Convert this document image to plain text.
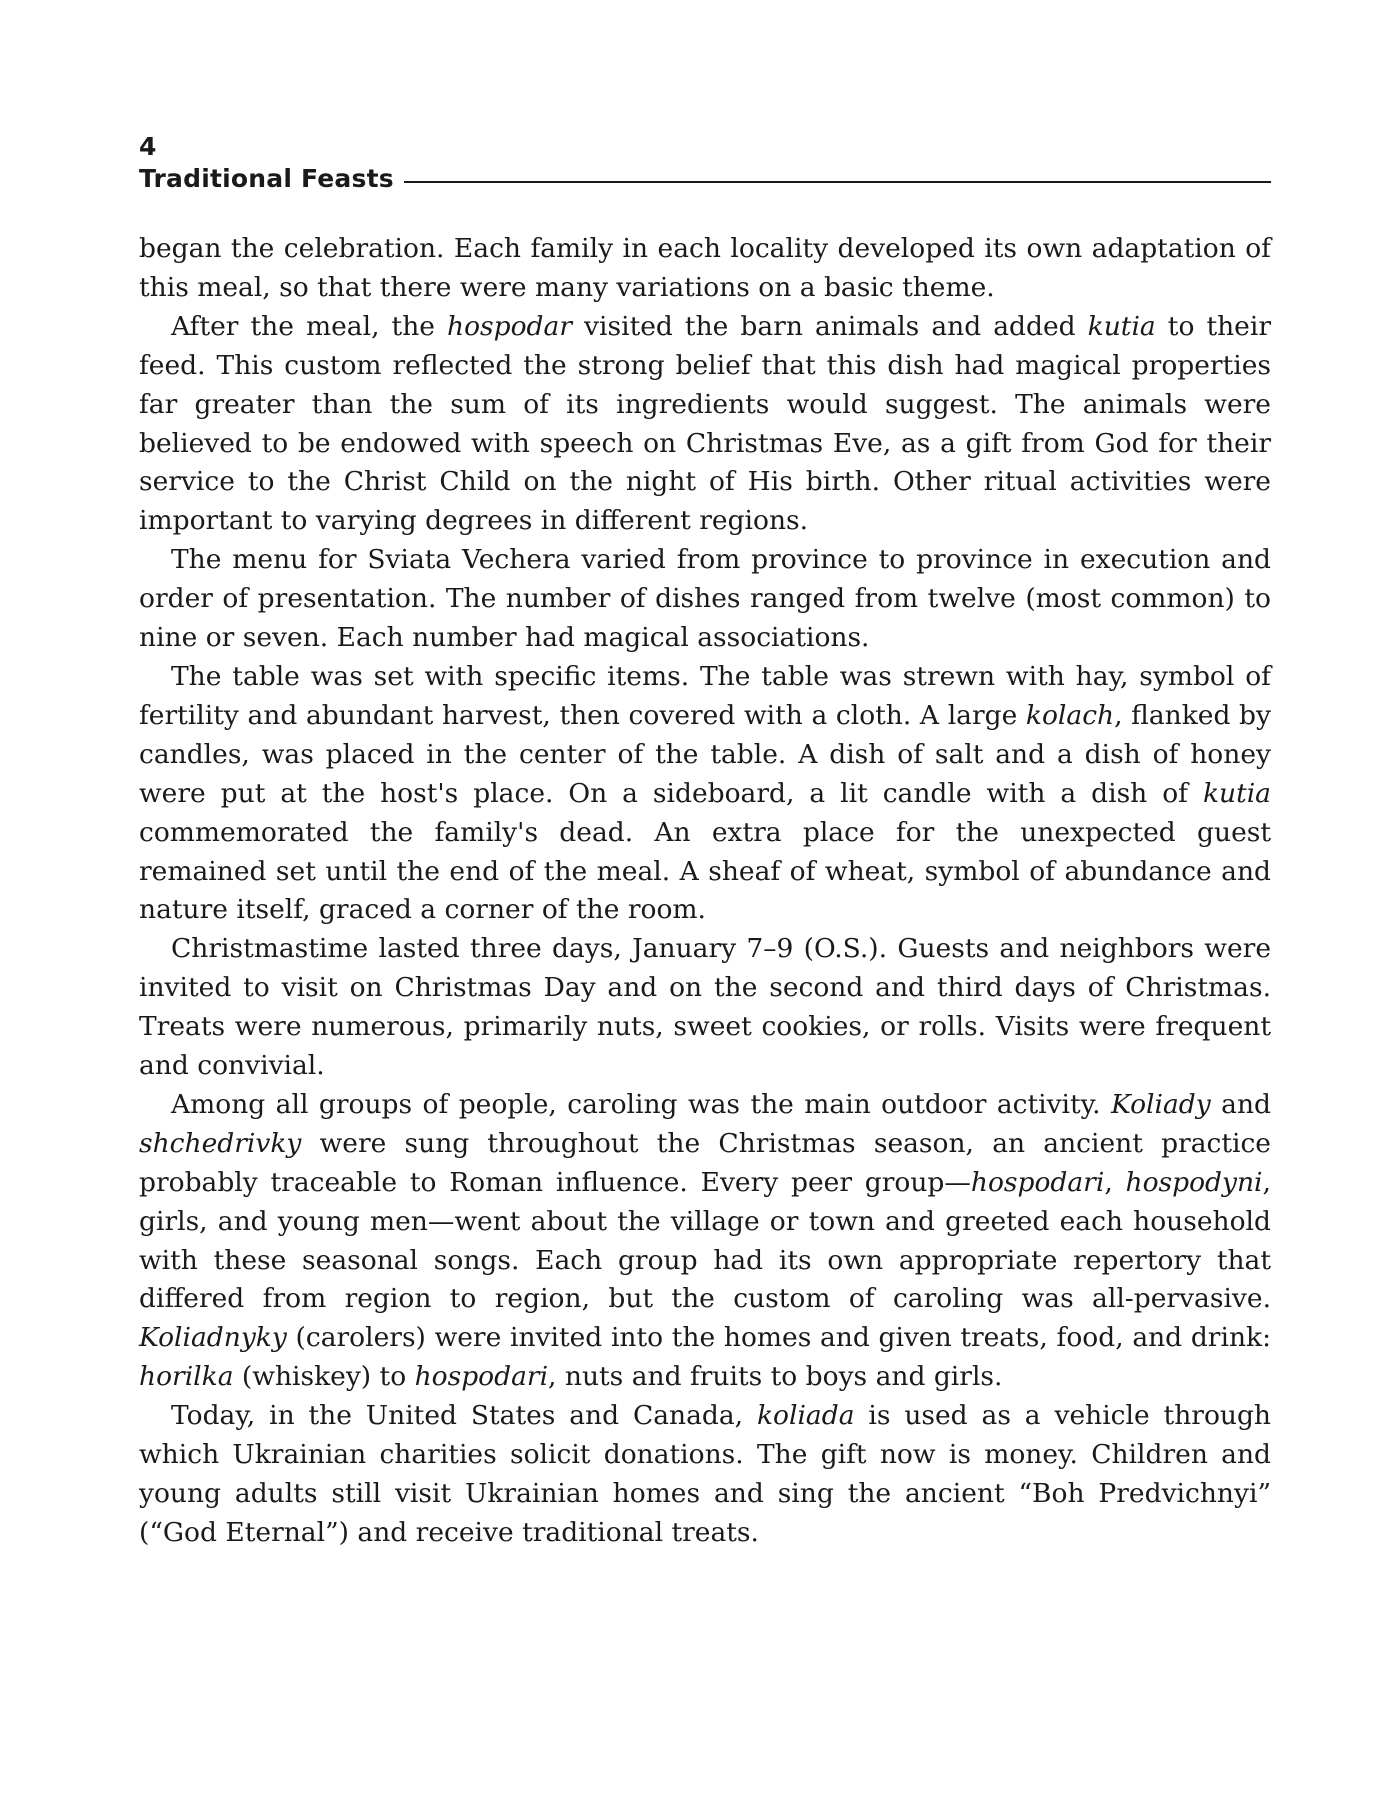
4
Traditional Feasts

began the celebration. Each family in each locality developed its own adaptation of this meal, so that there were many variations on a basic theme.

After the meal, the hospodar visited the barn animals and added kutia to their feed. This custom reflected the strong belief that this dish had magical properties far greater than the sum of its ingredients would suggest. The animals were believed to be endowed with speech on Christmas Eve, as a gift from God for their service to the Christ Child on the night of His birth. Other ritual activities were important to varying degrees in different regions.

The menu for Sviata Vechera varied from province to province in execution and order of presentation. The number of dishes ranged from twelve (most common) to nine or seven. Each number had magical associations.

The table was set with specific items. The table was strewn with hay, symbol of fertility and abundant harvest, then covered with a cloth. A large kolach, flanked by candles, was placed in the center of the table. A dish of salt and a dish of honey were put at the host's place. On a sideboard, a lit candle with a dish of kutia commemorated the family's dead. An extra place for the unexpected guest remained set until the end of the meal. A sheaf of wheat, symbol of abundance and nature itself, graced a corner of the room.

Christmastime lasted three days, January 7–9 (O.S.). Guests and neighbors were invited to visit on Christmas Day and on the second and third days of Christmas. Treats were numerous, primarily nuts, sweet cookies, or rolls. Visits were frequent and convivial.

Among all groups of people, caroling was the main outdoor activity. Koliady and shchedrivky were sung throughout the Christmas season, an ancient practice probably traceable to Roman influence. Every peer group—hospodari, hospodyni, girls, and young men—went about the village or town and greeted each household with these seasonal songs. Each group had its own appropriate repertory that differed from region to region, but the custom of caroling was all-pervasive. Koliadnyky (carolers) were invited into the homes and given treats, food, and drink: horilka (whiskey) to hospodari, nuts and fruits to boys and girls.

Today, in the United States and Canada, koliada is used as a vehicle through which Ukrainian charities solicit donations. The gift now is money. Children and young adults still visit Ukrainian homes and sing the ancient “Boh Predvichnyi” (“God Eternal”) and receive traditional treats.
